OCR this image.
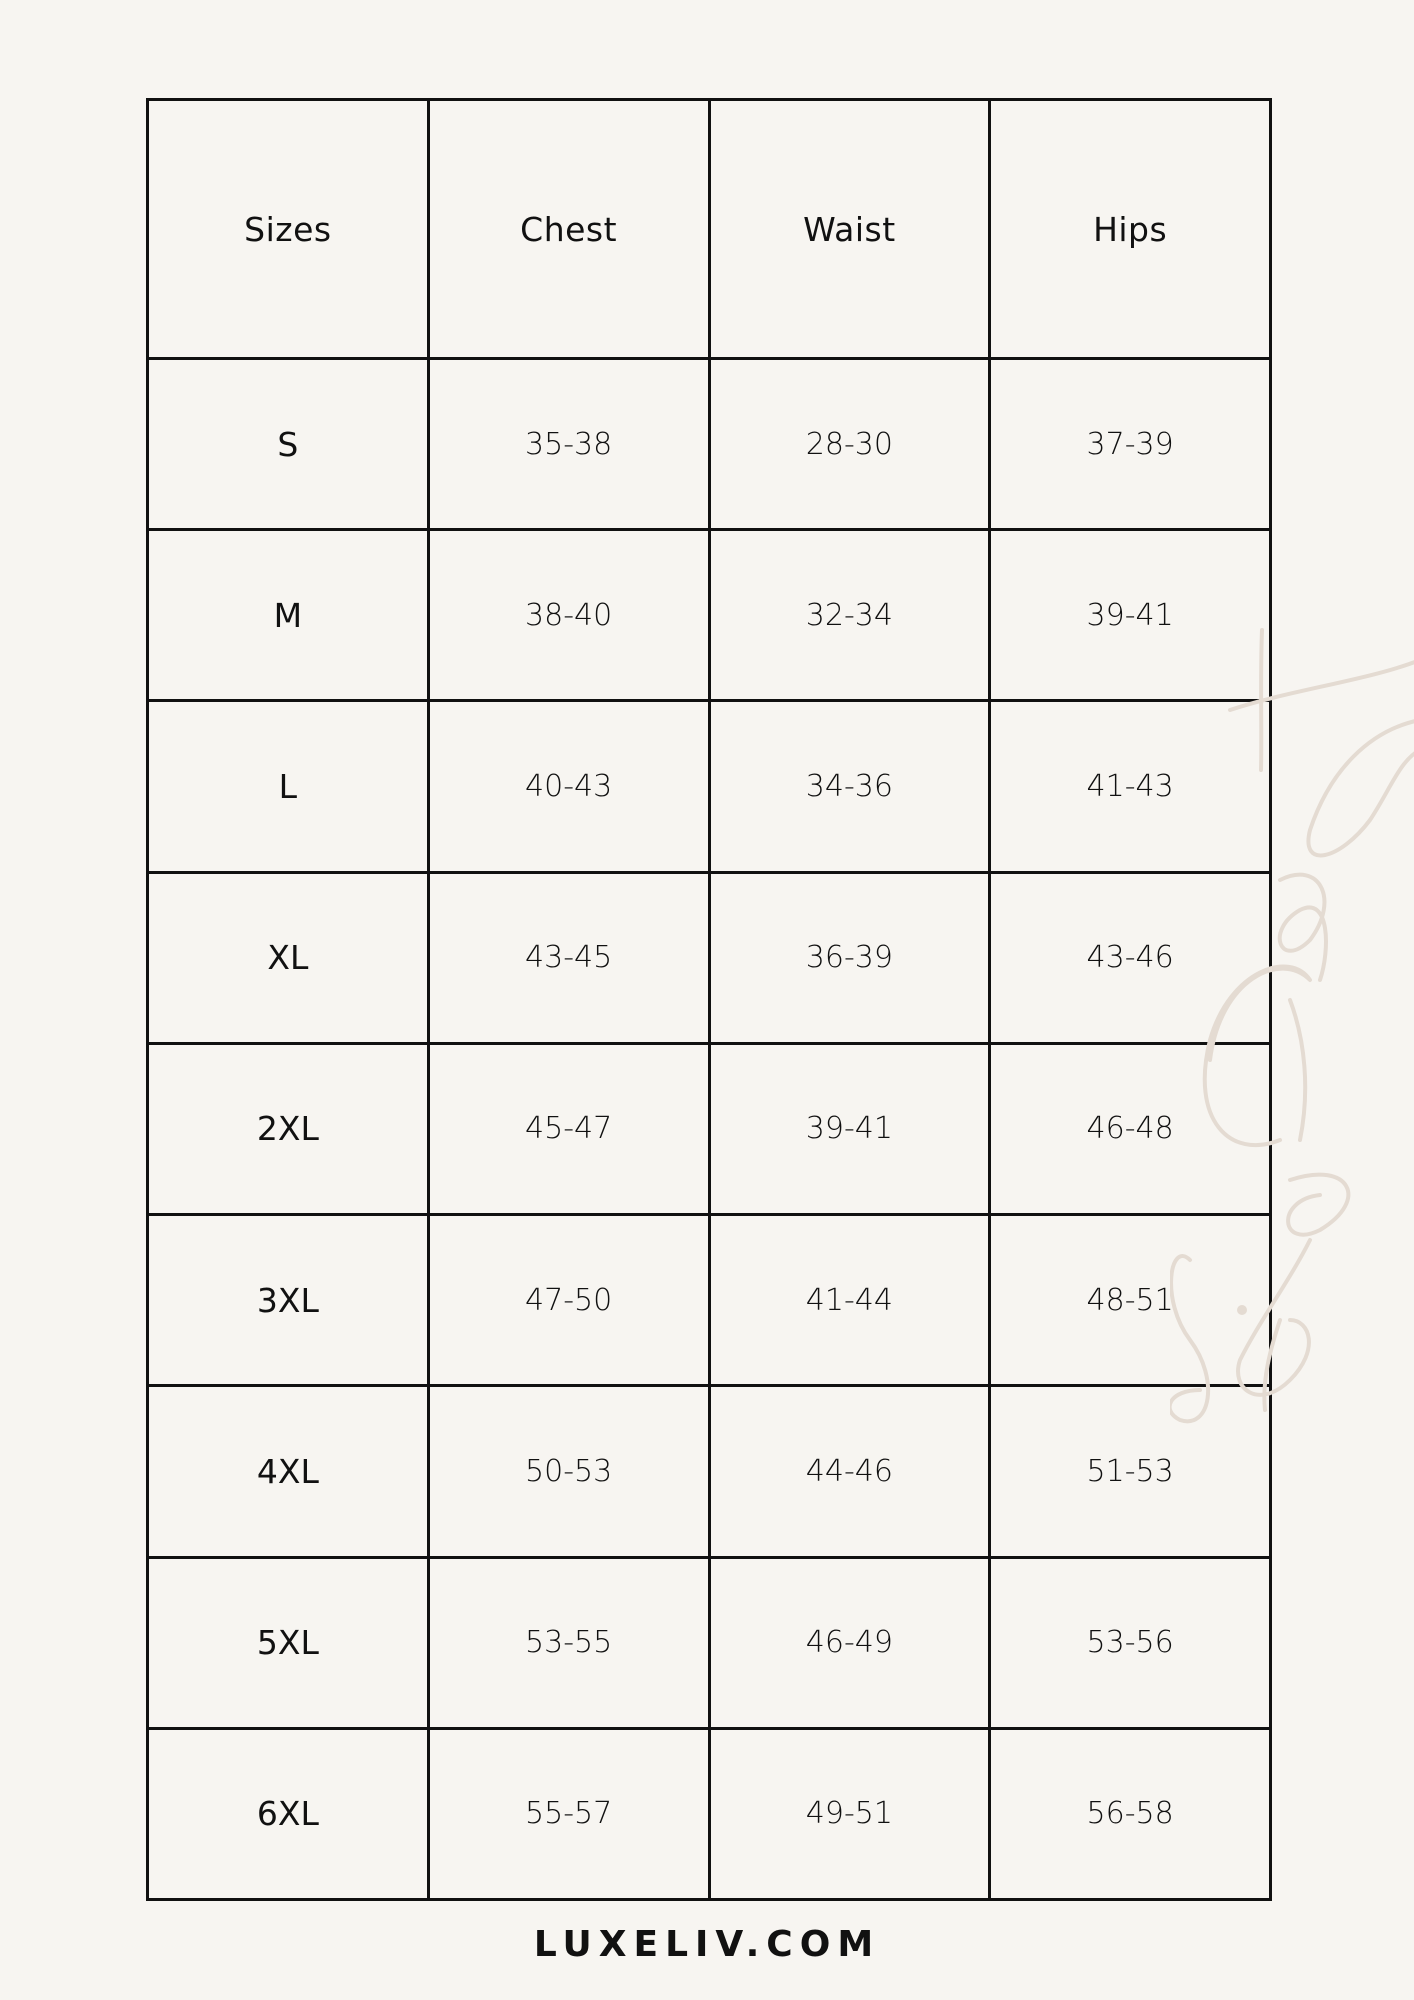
Sizes	Chest	Waist	Hips
S	35-38	28-30	37-39
M	38-40	32-34	39-41
L	40-43	34-36	41-43
XL	43-45	36-39	43-46
2XL	45-47	39-41	46-48
3XL	47-50	41-44	48-51
4XL	50-53	44-46	51-53
5XL	53-55	46-49	53-56
6XL	55-57	49-51	56-58
LUXELIV.COM
